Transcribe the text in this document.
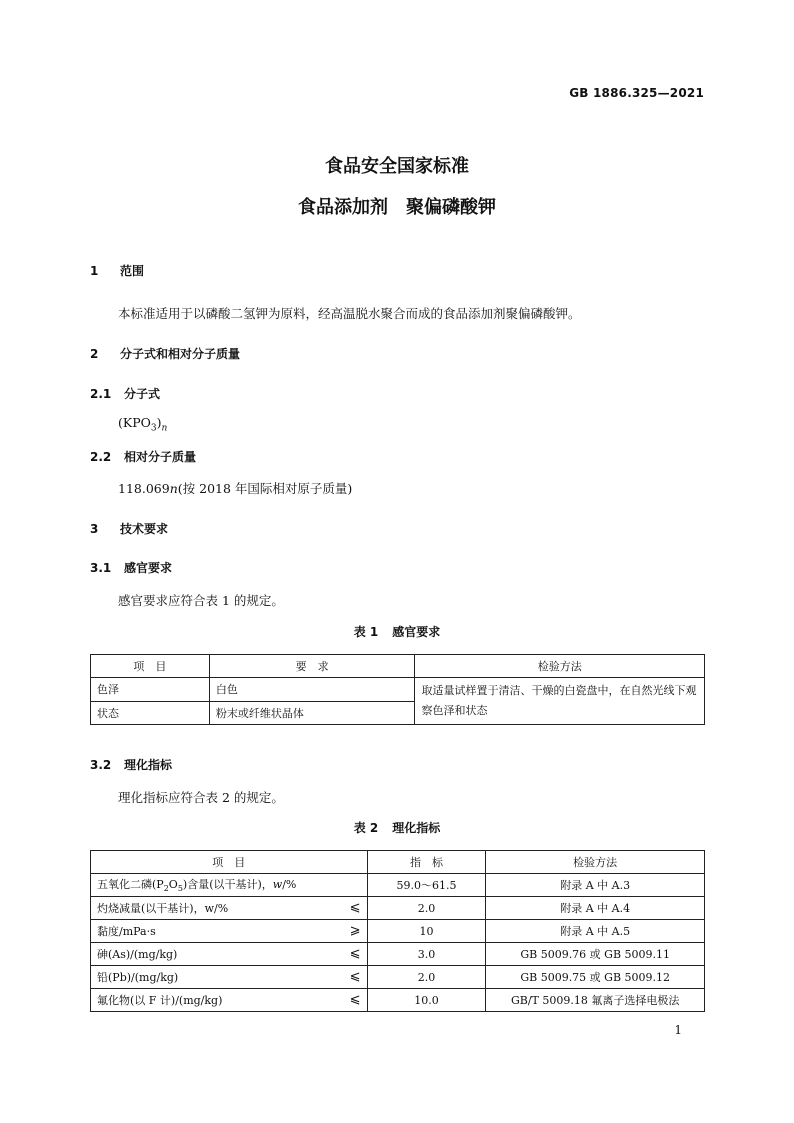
GB 1886.325—2021
食品安全国家标准
食品添加剂　聚偏磷酸钾
1 范围
本标准适用于以磷酸二氢钾为原料，经高温脱水聚合而成的食品添加剂聚偏磷酸钾。
2 分子式和相对分子质量
2.1 分子式
$(KPO_3)_n$
2.2 相对分子质量
118.069n(按 2018 年国际相对原子质量)
3 技术要求
3.1 感官要求
感官要求应符合表 1 的规定。
表 1 感官要求
项　目	要　求	检验方法
色泽	白色	取适量试样置于清洁、干燥的白瓷盘中，在自然光线下观察色泽和状态
状态	粉末或纤维状晶体	
3.2 理化指标
理化指标应符合表 2 的规定。
表 2 理化指标
项　目	指　标	检验方法
五氧化二磷$(P_2O_5)$含量(以干基计)，w/%	59.0～61.5	附录 A 中 A.3
灼烧减量(以干基计)，w/% ⩽	2.0	附录 A 中 A.4
黏度/mPa·s ⩾	10	附录 A 中 A.5
砷(As)/(mg/kg) ⩽	3.0	GB 5009.76 或 GB 5009.11
铅(Pb)/(mg/kg) ⩽	2.0	GB 5009.75 或 GB 5009.12
氟化物(以 F 计)/(mg/kg) ⩽	10.0	GB/T 5009.18 氟离子选择电极法
1
